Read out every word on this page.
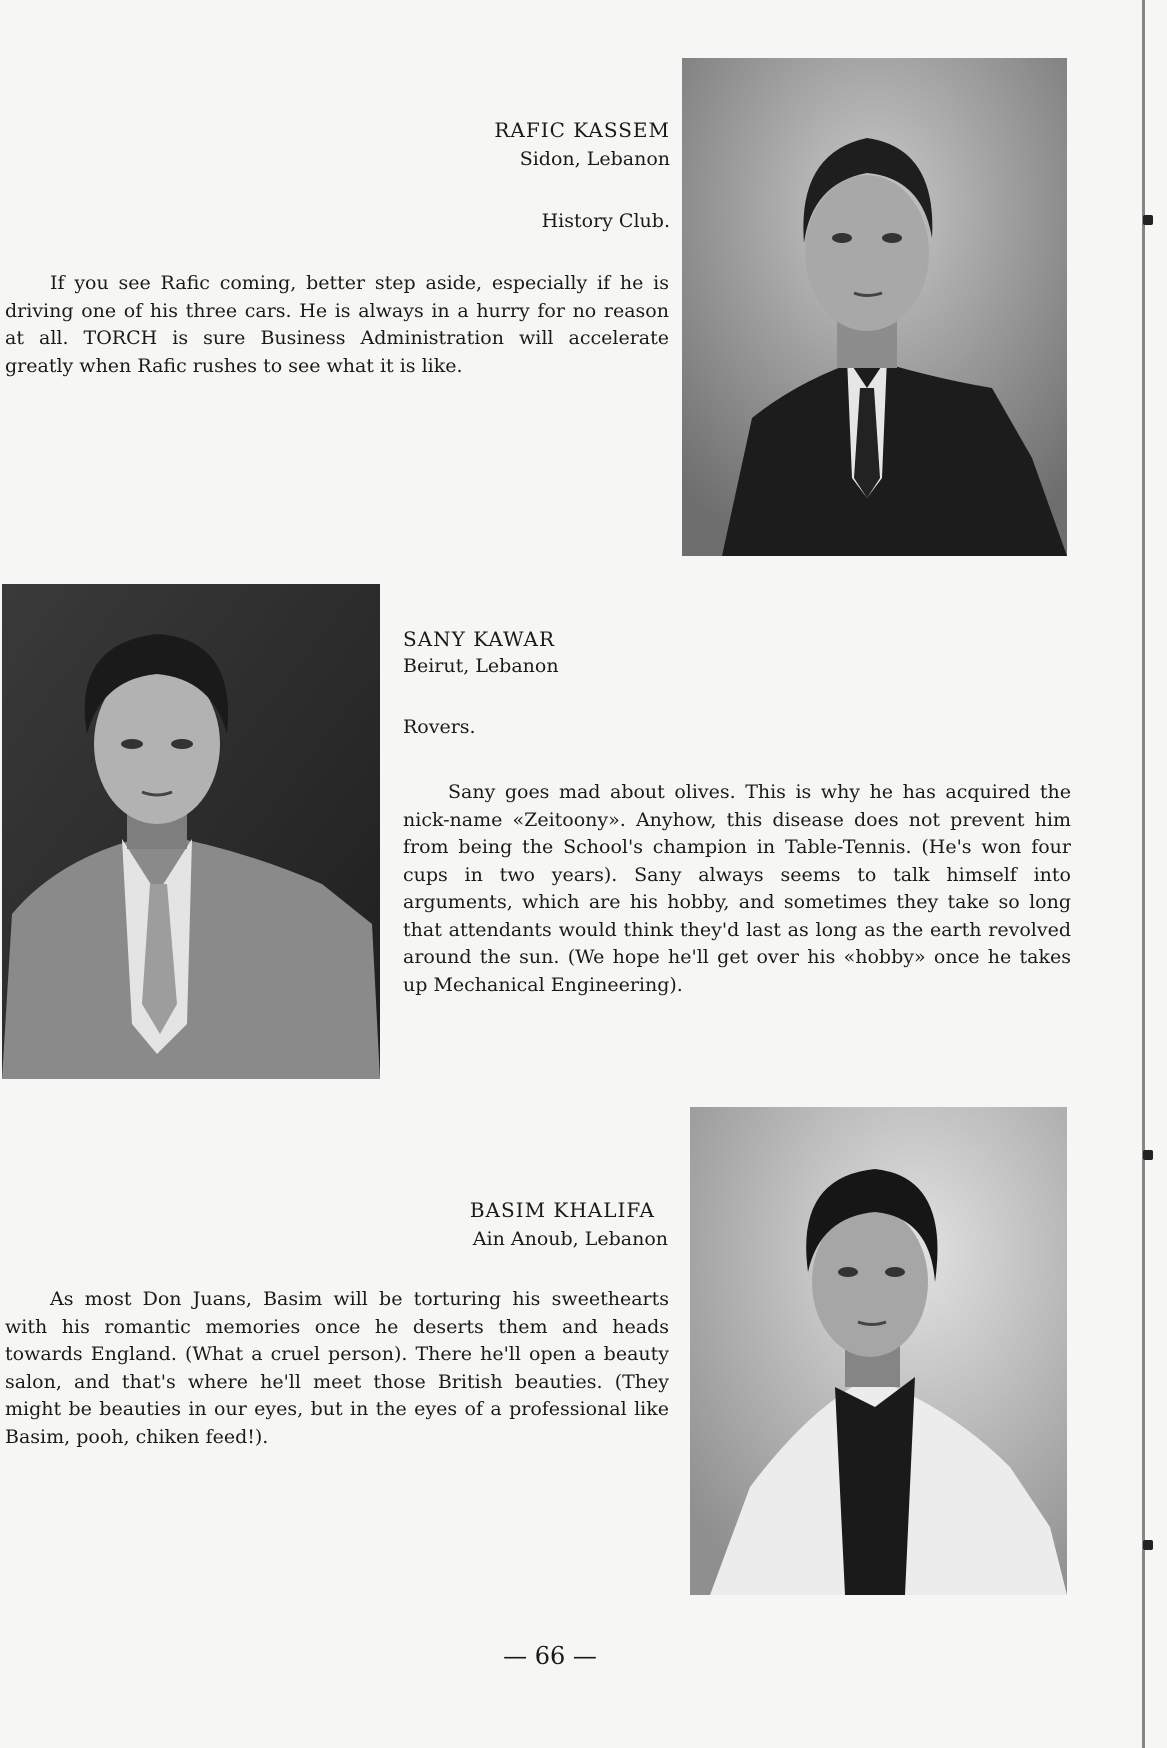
RAFIC KASSEM
Sidon, Lebanon
History Club.

If you see Rafic coming, better step aside, especially if he is driving one of his three cars. He is always in a hurry for no reason at all. TORCH is sure Business Administration will accelerate greatly when Rafic rushes to see what it is like.

SANY KAWAR
Beirut, Lebanon
Rovers.

Sany goes mad about olives. This is why he has acquired the nick-name «Zeitoony». Anyhow, this disease does not prevent him from being the School's champion in Table-Tennis. (He's won four cups in two years). Sany always seems to talk himself into arguments, which are his hobby, and sometimes they take so long that attendants would think they'd last as long as the earth revolved around the sun. (We hope he'll get over his «hobby» once he takes up Mechanical Engineering).

BASIM KHALIFA
Ain Anoub, Lebanon

As most Don Juans, Basim will be torturing his sweethearts with his romantic memories once he deserts them and heads towards England. (What a cruel person). There he'll open a beauty salon, and that's where he'll meet those British beauties. (They might be beauties in our eyes, but in the eyes of a professional like Basim, pooh, chiken feed!).

— 66 —
